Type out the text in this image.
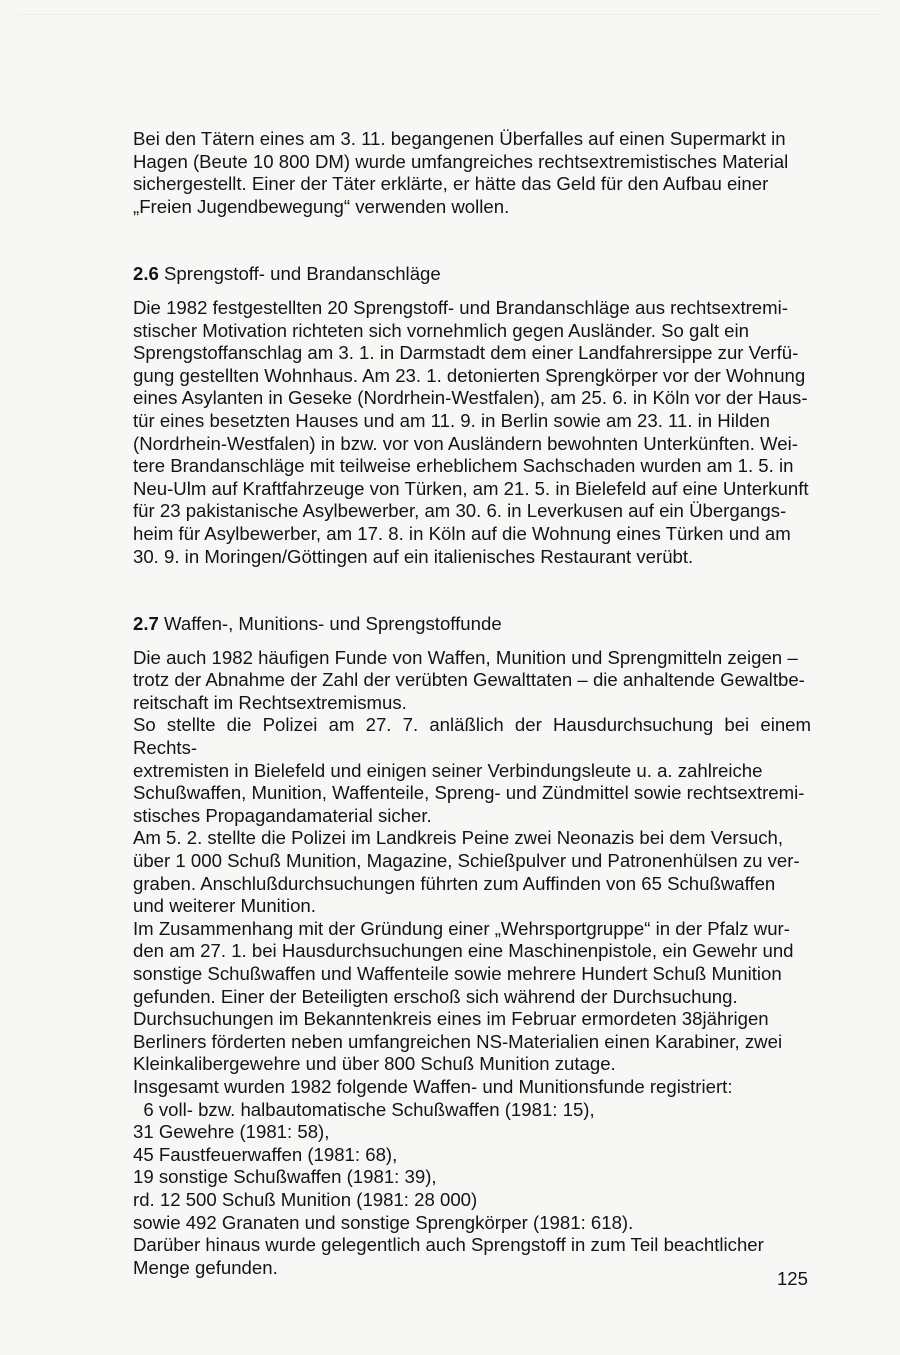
Bei den Tätern eines am 3. 11. begangenen Überfalles auf einen Supermarkt in
Hagen (Beute 10 800 DM) wurde umfangreiches rechtsextremistisches Material
sichergestellt. Einer der Täter erklärte, er hätte das Geld für den Aufbau einer
„Freien Jugendbewegung“ verwenden wollen.

2.6 Sprengstoff- und Brandanschläge

Die 1982 festgestellten 20 Sprengstoff- und Brandanschläge aus rechtsextremi-
stischer Motivation richteten sich vornehmlich gegen Ausländer. So galt ein
Sprengstoffanschlag am 3. 1. in Darmstadt dem einer Landfahrersippe zur Verfü-
gung gestellten Wohnhaus. Am 23. 1. detonierten Sprengkörper vor der Wohnung
eines Asylanten in Geseke (Nordrhein-Westfalen), am 25. 6. in Köln vor der Haus-
tür eines besetzten Hauses und am 11. 9. in Berlin sowie am 23. 11. in Hilden
(Nordrhein-Westfalen) in bzw. vor von Ausländern bewohnten Unterkünften. Wei-
tere Brandanschläge mit teilweise erheblichem Sachschaden wurden am 1. 5. in
Neu-Ulm auf Kraftfahrzeuge von Türken, am 21. 5. in Bielefeld auf eine Unterkunft
für 23 pakistanische Asylbewerber, am 30. 6. in Leverkusen auf ein Übergangs-
heim für Asylbewerber, am 17. 8. in Köln auf die Wohnung eines Türken und am
30. 9. in Moringen/Göttingen auf ein italienisches Restaurant verübt.

2.7 Waffen-, Munitions- und Sprengstoffunde

Die auch 1982 häufigen Funde von Waffen, Munition und Sprengmitteln zeigen –
trotz der Abnahme der Zahl der verübten Gewalttaten – die anhaltende Gewaltbe-
reitschaft im Rechtsextremismus.

So stellte die Polizei am 27. 7. anläßlich der Hausdurchsuchung bei einem Rechts-
extremisten in Bielefeld und einigen seiner Verbindungsleute u. a. zahlreiche
Schußwaffen, Munition, Waffenteile, Spreng- und Zündmittel sowie rechtsextremi-
stisches Propagandamaterial sicher.

Am 5. 2. stellte die Polizei im Landkreis Peine zwei Neonazis bei dem Versuch,
über 1 000 Schuß Munition, Magazine, Schießpulver und Patronenhülsen zu ver-
graben. Anschlußdurchsuchungen führten zum Auffinden von 65 Schußwaffen
und weiterer Munition.

Im Zusammenhang mit der Gründung einer „Wehrsportgruppe“ in der Pfalz wur-
den am 27. 1. bei Hausdurchsuchungen eine Maschinenpistole, ein Gewehr und
sonstige Schußwaffen und Waffenteile sowie mehrere Hundert Schuß Munition
gefunden. Einer der Beteiligten erschoß sich während der Durchsuchung.

Durchsuchungen im Bekanntenkreis eines im Februar ermordeten 38jährigen
Berliners förderten neben umfangreichen NS-Materialien einen Karabiner, zwei
Kleinkalibergewehre und über 800 Schuß Munition zutage.

Insgesamt wurden 1982 folgende Waffen- und Munitionsfunde registriert:

6 voll- bzw. halbautomatische Schußwaffen (1981: 15),

31 Gewehre (1981: 58),

45 Faustfeuerwaffen (1981: 68),

19 sonstige Schußwaffen (1981: 39),

rd. 12 500 Schuß Munition (1981: 28 000)

sowie 492 Granaten und sonstige Sprengkörper (1981: 618).

Darüber hinaus wurde gelegentlich auch Sprengstoff in zum Teil beachtlicher
Menge gefunden.

125
